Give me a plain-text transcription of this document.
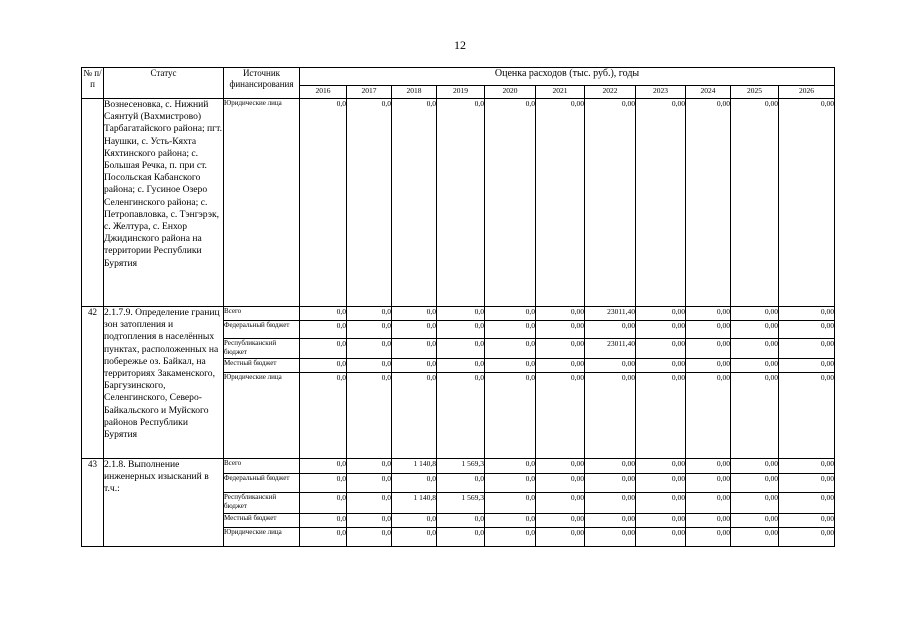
12
№ п/п	Статус	Источник финансирования	Оценка расходов (тыс. руб.), годы										
			2016	2017	2018	2019	2020	2021	2022	2023	2024	2025	2026
	Вознесеновка, с. Нижний Саянтуй (Вахмистрово) Тарбагатайского района; пгт. Наушки, с. Усть-Кяхта Кяхтинского района; с. Большая Речка, п. при ст. Посольская Кабанского района; с. Гусиное Озеро Селенгинского района; с. Петропавловка, с. Тэнгэрэк, с. Желтура, с. Енхор Джидинского района на территории Республики Бурятия	Юридические лица	0,0	0,0	0,0	0,0	0,0	0,00	0,00	0,00	0,00	0,00	0,00
42	2.1.7.9. Определение границ зон затопления и подтопления в населённых пунктах, расположенных на побережье оз. Байкал, на территориях Закаменского, Баргузинского, Селенгинского, Северо-Байкальского и Муйского районов Республики Бурятия	Всего	0,0	0,0	0,0	0,0	0,0	0,00	23011,40	0,00	0,00	0,00	0,00
		Федеральный бюджет	0,0	0,0	0,0	0,0	0,0	0,00	0,00	0,00	0,00	0,00	0,00
		Республиканский бюджет	0,0	0,0	0,0	0,0	0,0	0,00	23011,40	0,00	0,00	0,00	0,00
		Местный бюджет	0,0	0,0	0,0	0,0	0,0	0,00	0,00	0,00	0,00	0,00	0,00
		Юридические лица	0,0	0,0	0,0	0,0	0,0	0,00	0,00	0,00	0,00	0,00	0,00
43	2.1.8. Выполнение инженерных изысканий в т.ч.:	Всего	0,0	0,0	1 140,8	1 569,3	0,0	0,00	0,00	0,00	0,00	0,00	0,00
		Федеральный бюджет	0,0	0,0	0,0	0,0	0,0	0,00	0,00	0,00	0,00	0,00	0,00
		Республиканский бюджет	0,0	0,0	1 140,8	1 569,3	0,0	0,00	0,00	0,00	0,00	0,00	0,00
		Местный бюджет	0,0	0,0	0,0	0,0	0,0	0,00	0,00	0,00	0,00	0,00	0,00
		Юридические лица	0,0	0,0	0,0	0,0	0,0	0,00	0,00	0,00	0,00	0,00	0,00
